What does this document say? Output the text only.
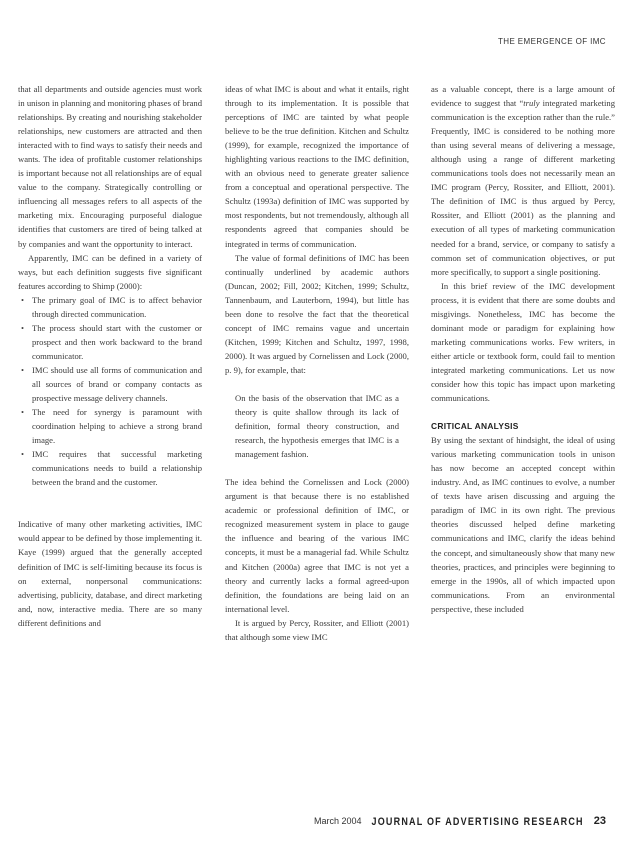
THE EMERGENCE OF IMC

that all departments and outside agencies must work in unison in planning and monitoring phases of brand relationships. By creating and nourishing stakeholder relationships, new customers are attracted and then interacted with to find ways to satisfy their needs and wants. The idea of profitable customer relationships is important because not all relationships are of equal value to the company. Strategically controlling or influencing all messages refers to all aspects of the marketing mix. Encouraging purposeful dialogue identifies that customers are tired of being talked at by companies and want the opportunity to interact.

Apparently, IMC can be defined in a variety of ways, but each definition suggests five significant features according to Shimp (2000):

• The primary goal of IMC is to affect behavior through directed communication.
• The process should start with the customer or prospect and then work backward to the brand communicator.
• IMC should use all forms of communication and all sources of brand or company contacts as prospective message delivery channels.
• The need for synergy is paramount with coordination helping to achieve a strong brand image.
• IMC requires that successful marketing communications needs to build a relationship between the brand and the customer.

Indicative of many other marketing activities, IMC would appear to be defined by those implementing it. Kaye (1999) argued that the generally accepted definition of IMC is self-limiting because its focus is on external, nonpersonal communications: advertising, publicity, database, and direct marketing and, now, interactive media. There are so many different definitions and

ideas of what IMC is about and what it entails, right through to its implementation. It is possible that perceptions of IMC are tainted by what people believe to be the true definition. Kitchen and Schultz (1999), for example, recognized the importance of highlighting various reactions to the IMC definition, with an obvious need to generate greater salience from a conceptual and operational perspective. The Schultz (1993a) definition of IMC was supported by most respondents, but not tremendously, although all respondents agreed that companies should be integrated in terms of communication.

The value of formal definitions of IMC has been continually underlined by academic authors (Duncan, 2002; Fill, 2002; Kitchen, 1999; Schultz, Tannenbaum, and Lauterborn, 1994), but little has been done to resolve the fact that the theoretical concept of IMC remains vague and uncertain (Kitchen, 1999; Kitchen and Schultz, 1997, 1998, 2000). It was argued by Cornelissen and Lock (2000, p. 9), for example, that:

On the basis of the observation that IMC as a theory is quite shallow through its lack of definition, formal theory construction, and research, the hypothesis emerges that IMC is a management fashion.

The idea behind the Cornelissen and Lock (2000) argument is that because there is no established academic or professional definition of IMC, or recognized measurement system in place to gauge the influence and bearing of the various IMC concepts, it must be a managerial fad. While Schultz and Kitchen (2000a) agree that IMC is not yet a theory and currently lacks a formal agreed-upon definition, the foundations are being laid on an international level.

It is argued by Percy, Rossiter, and Elliott (2001) that although some view IMC

as a valuable concept, there is a large amount of evidence to suggest that “truly integrated marketing communication is the exception rather than the rule.” Frequently, IMC is considered to be nothing more than using several means of delivering a message, although using a range of different marketing communications tools does not necessarily mean an IMC program (Percy, Rossiter, and Elliott, 2001). The definition of IMC is thus argued by Percy, Rossiter, and Elliott (2001) as the planning and execution of all types of marketing communication needed for a brand, service, or company to satisfy a common set of communication objectives, or put more specifically, to support a single positioning.

In this brief review of the IMC development process, it is evident that there are some doubts and misgivings. Nonetheless, IMC has become the dominant mode or paradigm for explaining how marketing communications works. Few writers, in either article or textbook form, could fail to mention integrated marketing communications. Let us now consider how this topic has impact upon marketing communications.

CRITICAL ANALYSIS

By using the sextant of hindsight, the ideal of using various marketing communication tools in unison has now become an accepted concept within industry. And, as IMC continues to evolve, a number of texts have arisen discussing and arguing the paradigm of IMC in its own right. The previous theories discussed helped define marketing communications and IMC, clarify the ideas behind the concept, and simultaneously show that many new theories, practices, and principles were beginning to emerge in the 1990s, all of which impacted upon communications. From an environmental perspective, these included

March 2004 JOURNAL OF ADVERTISING RESEARCH 23
